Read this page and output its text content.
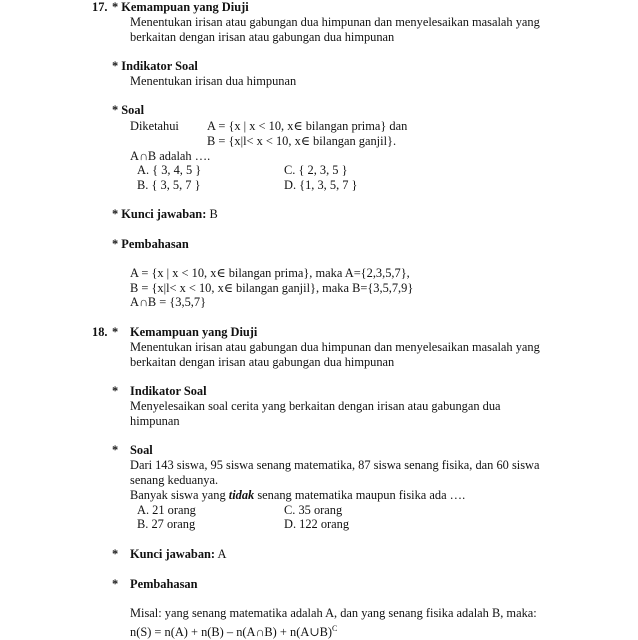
17. * Kemampuan yang Diuji
Menentukan irisan atau gabungan dua himpunan dan menyelesaikan masalah yang
berkaitan dengan irisan atau gabungan dua himpunan
* Indikator Soal
Menentukan irisan dua himpunan
* Soal
Diketahui A = {x | x < 10, x∈ bilangan prima} dan
B = {x|l< x < 10, x∈ bilangan ganjil}.
A∩B adalah ….
A. { 3, 4, 5 }
B. { 3, 5, 7 }
C. { 2, 3, 5 }
D. {1, 3, 5, 7 }
* Kunci jawaban: B
* Pembahasan
A = {x | x < 10, x∈ bilangan prima}, maka A={2,3,5,7},
B = {x|l< x < 10, x∈ bilangan ganjil}, maka B={3,5,7,9}
A∩B = {3,5,7}
18. * Kemampuan yang Diuji
Menentukan irisan atau gabungan dua himpunan dan menyelesaikan masalah yang
berkaitan dengan irisan atau gabungan dua himpunan
* Indikator Soal
Menyelesaikan soal cerita yang berkaitan dengan irisan atau gabungan dua
himpunan
* Soal
Dari 143 siswa, 95 siswa senang matematika, 87 siswa senang fisika, dan 60 siswa
senang keduanya.
Banyak siswa yang tidak senang matematika maupun fisika ada ….
A. 21 orang
B. 27 orang
C. 35 orang
D. 122 orang
* Kunci jawaban: A
* Pembahasan
Misal: yang senang matematika adalah A, dan yang senang fisika adalah B, maka:
n(S) = n(A) + n(B) – n(A∩B) + n(A∪B)$^C$
